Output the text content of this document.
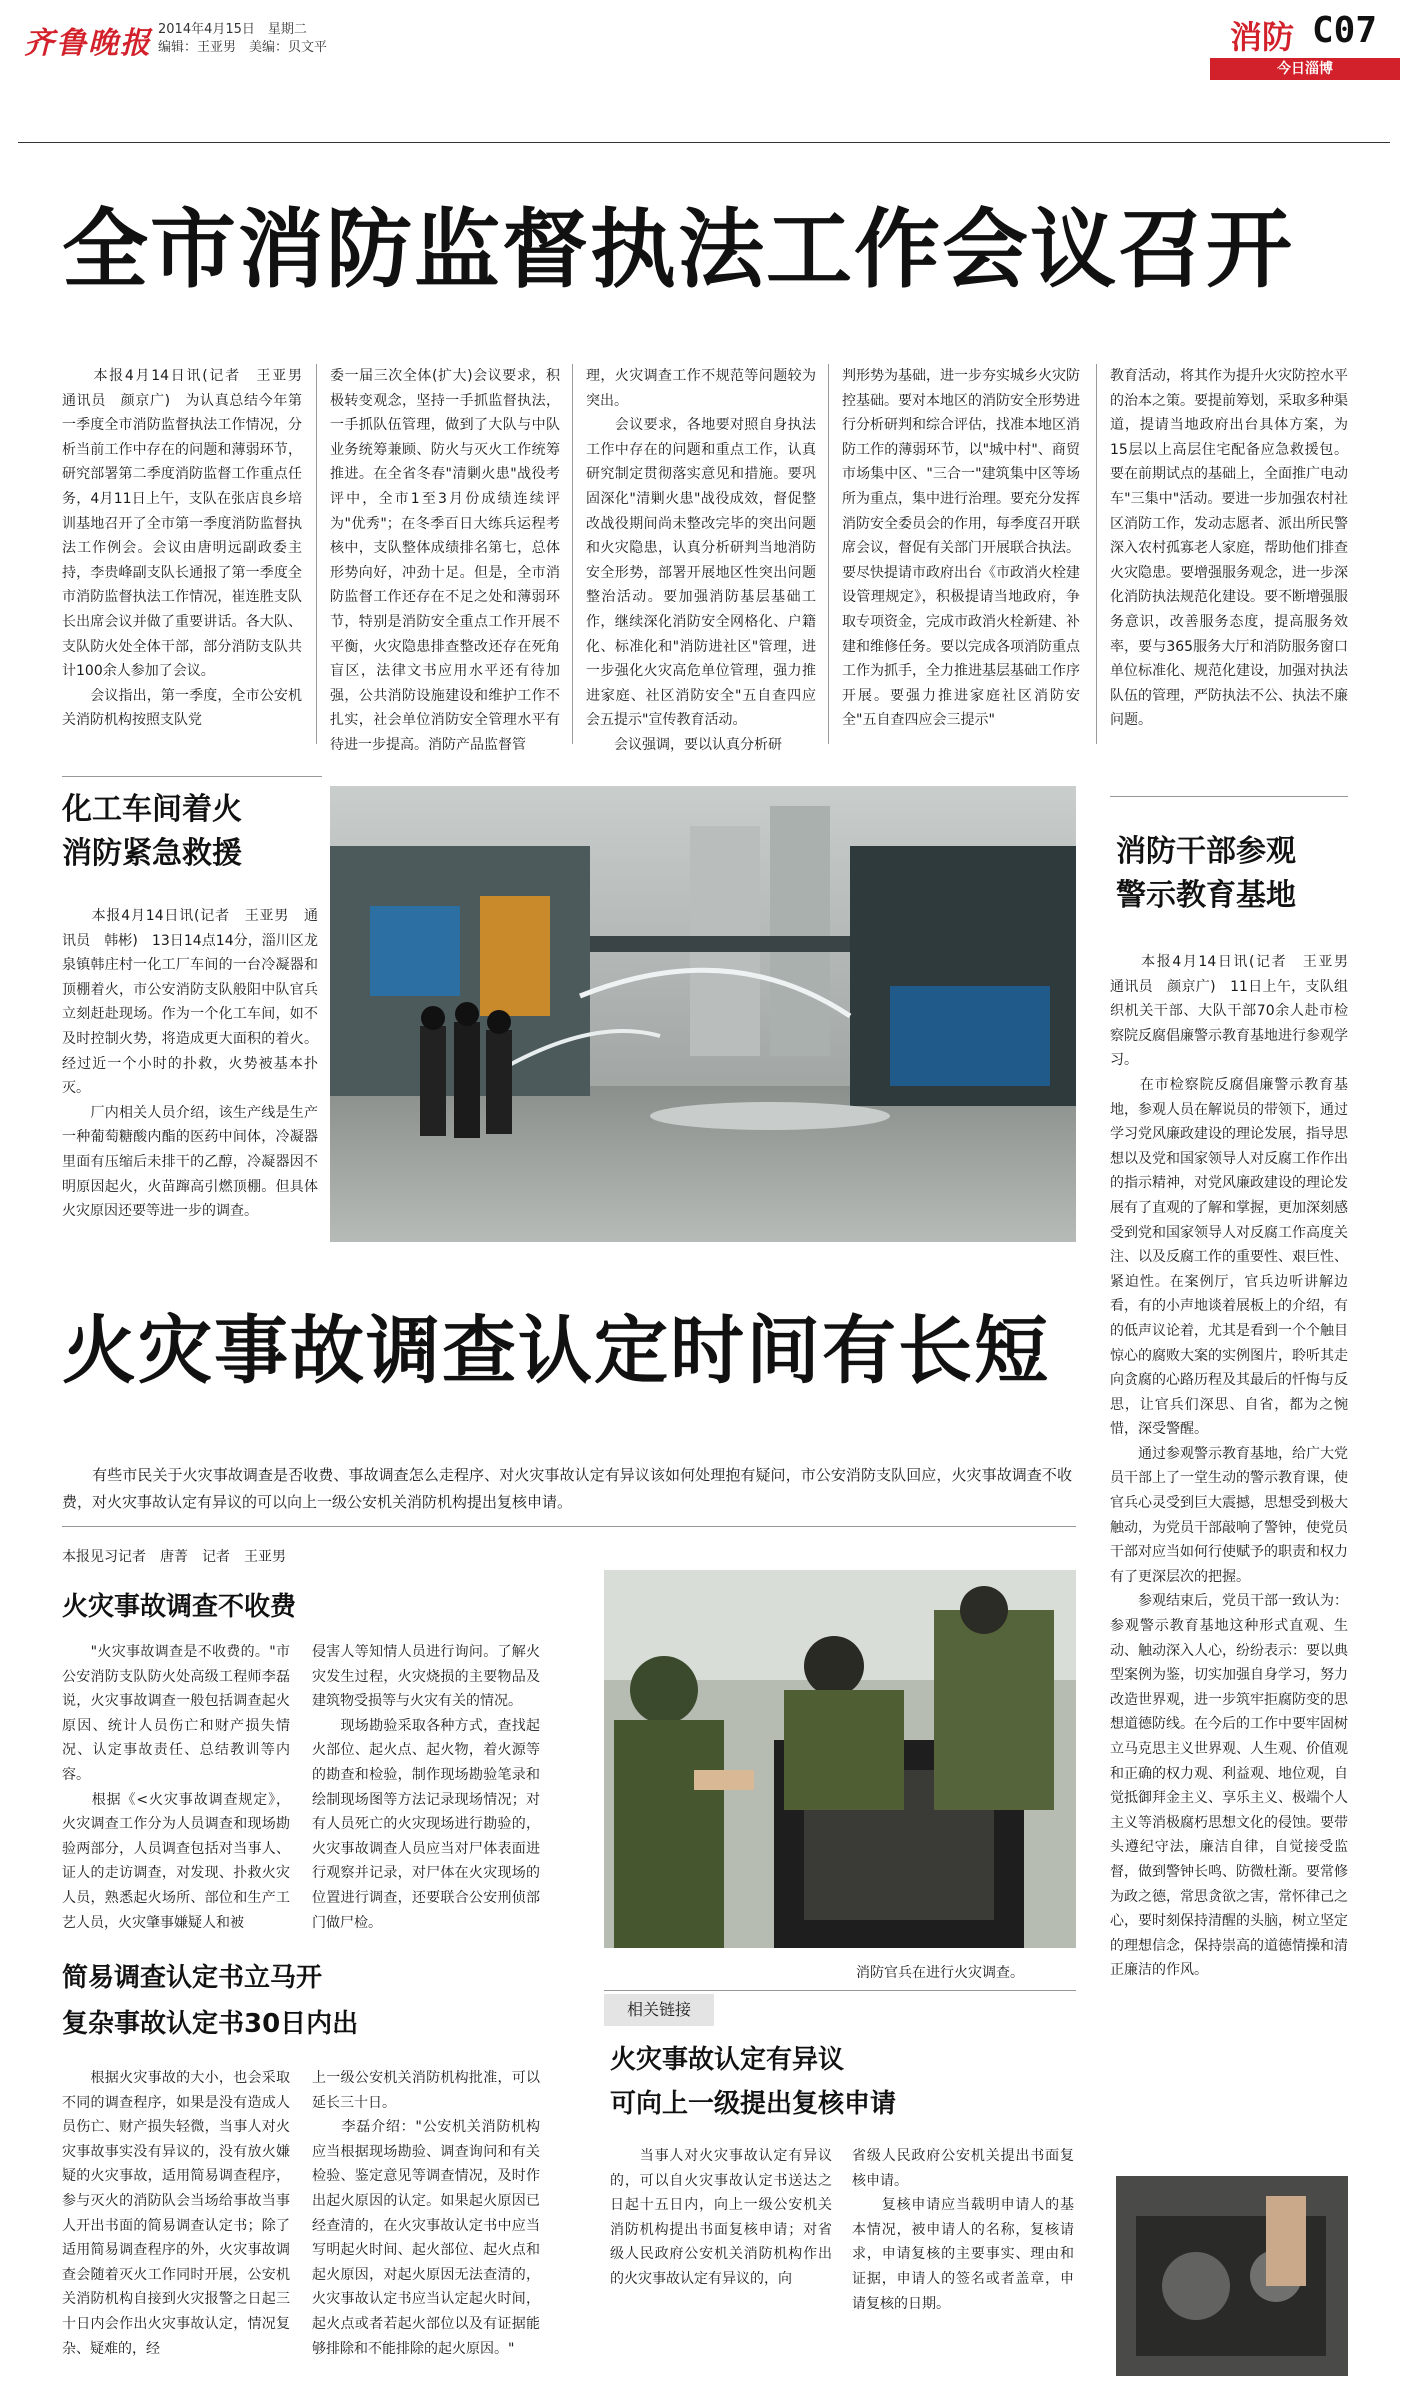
齐鲁晚报 2014年4月15日　星期二
编辑：王亚男　美编：贝文平	消防 C07
今日淄博
全市消防监督执法工作会议召开
　　本报4月14日讯(记者　王亚男　通讯员　颜京广)　为认真总结今年第一季度全市消防监督执法工作情况，分析当前工作中存在的问题和薄弱环节，研究部署第二季度消防监督工作重点任务，4月11日上午，支队在张店良乡培训基地召开了全市第一季度消防监督执法工作例会。会议由唐明远副政委主持，李贵峰副支队长通报了第一季度全市消防监督执法工作情况，崔连胜支队长出席会议并做了重要讲话。各大队、支队防火处全体干部，部分消防支队共计100余人参加了会议。
　　会议指出，第一季度，全市公安机关消防机构按照支队党
委一届三次全体(扩大)会议要求，积极转变观念，坚持一手抓监督执法，一手抓队伍管理，做到了大队与中队业务统筹兼顾、防火与灭火工作统筹推进。在全省冬春"清剿火患"战役考评中，全市1至3月份成绩连续评为"优秀"；在冬季百日大练兵运程考核中，支队整体成绩排名第七，总体形势向好，冲劲十足。但是，全市消防监督工作还存在不足之处和薄弱环节，特别是消防安全重点工作开展不平衡，火灾隐患排查整改还存在死角盲区，法律文书应用水平还有待加强，公共消防设施建设和维护工作不扎实，社会单位消防安全管理水平有待进一步提高。消防产品监督管
理，火灾调查工作不规范等问题较为突出。
　　会议要求，各地要对照自身执法工作中存在的问题和重点工作，认真研究制定贯彻落实意见和措施。要巩固深化"清剿火患"战役成效，督促整改战役期间尚未整改完毕的突出问题和火灾隐患，认真分析研判当地消防安全形势，部署开展地区性突出问题整治活动。要加强消防基层基础工作，继续深化消防安全网格化、户籍化、标准化和"消防进社区"管理，进一步强化火灾高危单位管理，强力推进家庭、社区消防安全"五自查四应会五提示"宣传教育活动。
　　会议强调，要以认真分析研
判形势为基础，进一步夯实城乡火灾防控基础。要对本地区的消防安全形势进行分析研判和综合评估，找准本地区消防工作的薄弱环节，以"城中村"、商贸市场集中区、"三合一"建筑集中区等场所为重点，集中进行治理。要充分发挥消防安全委员会的作用，每季度召开联席会议，督促有关部门开展联合执法。要尽快提请市政府出台《市政消火栓建设管理规定》，积极提请当地政府，争取专项资金，完成市政消火栓新建、补建和维修任务。要以完成各项消防重点工作为抓手，全力推进基层基础工作序开展。要强力推进家庭社区消防安全"五自查四应会三提示"
教育活动，将其作为提升火灾防控水平的治本之策。要提前筹划，采取多种渠道，提请当地政府出台具体方案，为15层以上高层住宅配备应急救援包。要在前期试点的基础上，全面推广电动车"三集中"活动。要进一步加强农村社区消防工作，发动志愿者、派出所民警深入农村孤寡老人家庭，帮助他们排查火灾隐患。要增强服务观念，进一步深化消防执法规范化建设。要不断增强服务意识，改善服务态度，提高服务效率，要与365服务大厅和消防服务窗口单位标准化、规范化建设，加强对执法队伍的管理，严防执法不公、执法不廉问题。
化工车间着火
消防紧急救援
　　本报4月14日讯(记者　王亚男　通讯员　韩彬)　13日14点14分，淄川区龙泉镇韩庄村一化工厂车间的一台冷凝器和顶棚着火，市公安消防支队般阳中队官兵立刻赶赴现场。作为一个化工车间，如不及时控制火势，将造成更大面积的着火。经过近一个小时的扑救，火势被基本扑灭。
　　厂内相关人员介绍，该生产线是生产一种葡萄糖酸内酯的医药中间体，冷凝器里面有压缩后未排干的乙醇，冷凝器因不明原因起火，火苗蹿高引燃顶棚。但具体火灾原因还要等进一步的调查。
消防干部参观
警示教育基地
　　本报4月14日讯(记者　王亚男　通讯员　颜京广)　11日上午，支队组织机关干部、大队干部70余人赴市检察院反腐倡廉警示教育基地进行参观学习。
　　在市检察院反腐倡廉警示教育基地，参观人员在解说员的带领下，通过学习党风廉政建设的理论发展，指导思想以及党和国家领导人对反腐工作作出的指示精神，对党风廉政建设的理论发展有了直观的了解和掌握，更加深刻感受到党和国家领导人对反腐工作高度关注、以及反腐工作的重要性、艰巨性、紧迫性。在案例厅，官兵边听讲解边看，有的小声地谈着展板上的介绍，有的低声议论着，尤其是看到一个个触目惊心的腐败大案的实例图片，聆听其走向贪腐的心路历程及其最后的忏悔与反思，让官兵们深思、自省，都为之惋惜，深受警醒。
　　通过参观警示教育基地，给广大党员干部上了一堂生动的警示教育课，使官兵心灵受到巨大震撼，思想受到极大触动，为党员干部敲响了警钟，使党员干部对应当如何行使赋予的职责和权力有了更深层次的把握。
　　参观结束后，党员干部一致认为：参观警示教育基地这种形式直观、生动、触动深入人心，纷纷表示：要以典型案例为鉴，切实加强自身学习，努力改造世界观，进一步筑牢拒腐防变的思想道德防线。在今后的工作中要牢固树立马克思主义世界观、人生观、价值观和正确的权力观、利益观、地位观，自觉抵御拜金主义、享乐主义、极端个人主义等消极腐朽思想文化的侵蚀。要带头遵纪守法，廉洁自律，自觉接受监督，做到警钟长鸣、防微杜渐。要常修为政之德，常思贪欲之害，常怀律己之心，要时刻保持清醒的头脑，树立坚定的理想信念，保持崇高的道德情操和清正廉洁的作风。
火灾事故调查认定时间有长短
　　有些市民关于火灾事故调查是否收费、事故调查怎么走程序、对火灾事故认定有异议该如何处理抱有疑问，市公安消防支队回应，火灾事故调查不收费，对火灾事故认定有异议的可以向上一级公安机关消防机构提出复核申请。
本报见习记者　唐菁　记者　王亚男
火灾事故调查不收费
　　"火灾事故调查是不收费的。"市公安消防支队防火处高级工程师李磊说，火灾事故调查一般包括调查起火原因、统计人员伤亡和财产损失情况、认定事故责任、总结教训等内容。
　　根据《<火灾事故调查规定》，火灾调查工作分为人员调查和现场勘验两部分，人员调查包括对当事人、证人的走访调查，对发现、扑救火灾人员，熟悉起火场所、部位和生产工艺人员，火灾肇事嫌疑人和被
侵害人等知情人员进行询问。了解火灾发生过程，火灾烧损的主要物品及建筑物受损等与火灾有关的情况。
　　现场勘验采取各种方式，查找起火部位、起火点、起火物，着火源等的勘查和检验，制作现场勘验笔录和绘制现场图等方法记录现场情况；对有人员死亡的火灾现场进行勘验的，火灾事故调查人员应当对尸体表面进行观察并记录，对尸体在火灾现场的位置进行调查，还要联合公安刑侦部门做尸检。
简易调查认定书立马开
复杂事故认定书30日内出
　　根据火灾事故的大小，也会采取不同的调查程序，如果是没有造成人员伤亡、财产损失轻微，当事人对火灾事故事实没有异议的，没有放火嫌疑的火灾事故，适用简易调查程序，参与灭火的消防队会当场给事故当事人开出书面的简易调查认定书；除了适用简易调查程序的外，火灾事故调查会随着灭火工作同时开展，公安机关消防机构自接到火灾报警之日起三十日内会作出火灾事故认定，情况复杂、疑难的，经
上一级公安机关消防机构批准，可以延长三十日。
　　李磊介绍："公安机关消防机构应当根据现场勘验、调查询问和有关检验、鉴定意见等调查情况，及时作出起火原因的认定。如果起火原因已经查清的，在火灾事故认定书中应当写明起火时间、起火部位、起火点和起火原因，对起火原因无法查清的，火灾事故认定书应当认定起火时间，起火点或者若起火部位以及有证据能够排除和不能排除的起火原因。"
消防官兵在进行火灾调查。
相关链接
火灾事故认定有异议
可向上一级提出复核申请
　　当事人对火灾事故认定有异议的，可以自火灾事故认定书送达之日起十五日内，向上一级公安机关消防机构提出书面复核申请；对省级人民政府公安机关消防机构作出的火灾事故认定有异议的，向
省级人民政府公安机关提出书面复核申请。
　　复核申请应当载明申请人的基本情况，被申请人的名称，复核请求，申请复核的主要事实、理由和证据，申请人的签名或者盖章，申请复核的日期。
